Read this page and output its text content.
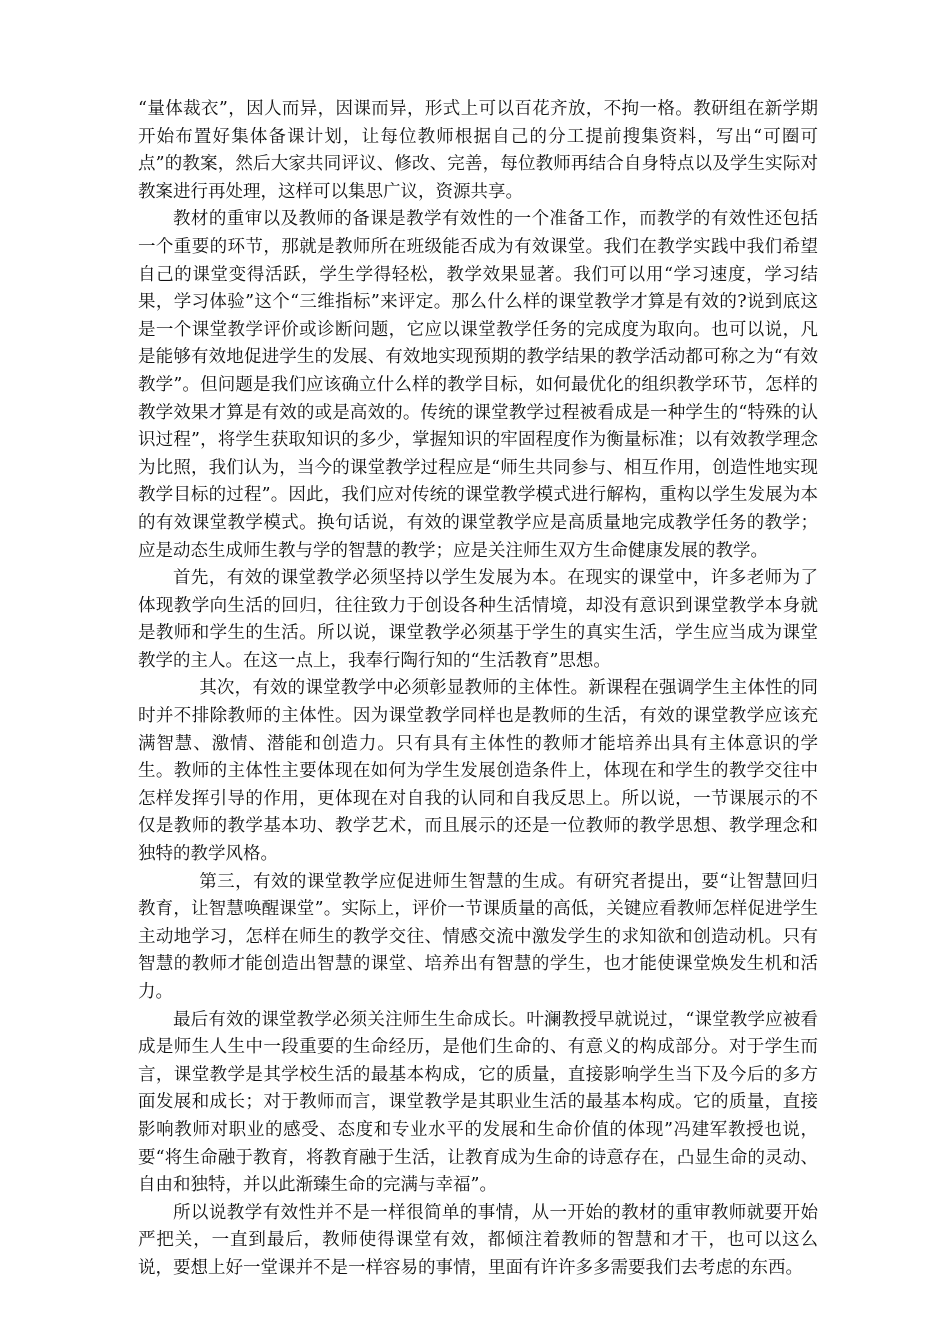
“量体裁衣”，因人而异，因课而异，形式上可以百花齐放，不拘一格。教研组在新学期开始布置好集体备课计划，让每位教师根据自己的分工提前搜集资料，写出“可圈可点”的教案，然后大家共同评议、修改、完善，每位教师再结合自身特点以及学生实际对教案进行再处理，这样可以集思广议，资源共享。

教材的重审以及教师的备课是教学有效性的一个准备工作，而教学的有效性还包括一个重要的环节，那就是教师所在班级能否成为有效课堂。我们在教学实践中我们希望自己的课堂变得活跃，学生学得轻松，教学效果显著。我们可以用“学习速度，学习结果，学习体验”这个“三维指标”来评定。那么什么样的课堂教学才算是有效的?说到底这是一个课堂教学评价或诊断问题，它应以课堂教学任务的完成度为取向。也可以说，凡是能够有效地促进学生的发展、有效地实现预期的教学结果的教学活动都可称之为“有效教学”。但问题是我们应该确立什么样的教学目标，如何最优化的组织教学环节，怎样的教学效果才算是有效的或是高效的。传统的课堂教学过程被看成是一种学生的“特殊的认识过程”，将学生获取知识的多少，掌握知识的牢固程度作为衡量标准；以有效教学理念为比照，我们认为，当今的课堂教学过程应是“师生共同参与、相互作用，创造性地实现教学目标的过程”。因此，我们应对传统的课堂教学模式进行解构，重构以学生发展为本的有效课堂教学模式。换句话说，有效的课堂教学应是高质量地完成教学任务的教学；应是动态生成师生教与学的智慧的教学；应是关注师生双方生命健康发展的教学。

首先，有效的课堂教学必须坚持以学生发展为本。在现实的课堂中，许多老师为了体现教学向生活的回归，往往致力于创设各种生活情境，却没有意识到课堂教学本身就是教师和学生的生活。所以说，课堂教学必须基于学生的真实生活，学生应当成为课堂教学的主人。在这一点上，我奉行陶行知的“生活教育”思想。

其次，有效的课堂教学中必须彰显教师的主体性。新课程在强调学生主体性的同时并不排除教师的主体性。因为课堂教学同样也是教师的生活，有效的课堂教学应该充满智慧、激情、潜能和创造力。只有具有主体性的教师才能培养出具有主体意识的学生。教师的主体性主要体现在如何为学生发展创造条件上，体现在和学生的教学交往中怎样发挥引导的作用，更体现在对自我的认同和自我反思上。所以说，一节课展示的不仅是教师的教学基本功、教学艺术，而且展示的还是一位教师的教学思想、教学理念和独特的教学风格。

第三，有效的课堂教学应促进师生智慧的生成。有研究者提出，要“让智慧回归教育，让智慧唤醒课堂”。实际上，评价一节课质量的高低，关键应看教师怎样促进学生主动地学习，怎样在师生的教学交往、情感交流中激发学生的求知欲和创造动机。只有智慧的教师才能创造出智慧的课堂、培养出有智慧的学生，也才能使课堂焕发生机和活力。

最后有效的课堂教学必须关注师生生命成长。叶澜教授早就说过，“课堂教学应被看成是师生人生中一段重要的生命经历，是他们生命的、有意义的构成部分。对于学生而言，课堂教学是其学校生活的最基本构成，它的质量，直接影响学生当下及今后的多方面发展和成长；对于教师而言，课堂教学是其职业生活的最基本构成。它的质量，直接影响教师对职业的感受、态度和专业水平的发展和生命价值的体现”冯建军教授也说，要“将生命融于教育，将教育融于生活，让教育成为生命的诗意存在，凸显生命的灵动、自由和独特，并以此渐臻生命的完满与幸福”。

所以说教学有效性并不是一样很简单的事情，从一开始的教材的重审教师就要开始严把关，一直到最后，教师使得课堂有效，都倾注着教师的智慧和才干，也可以这么说，要想上好一堂课并不是一样容易的事情，里面有许许多多需要我们去考虑的东西。
